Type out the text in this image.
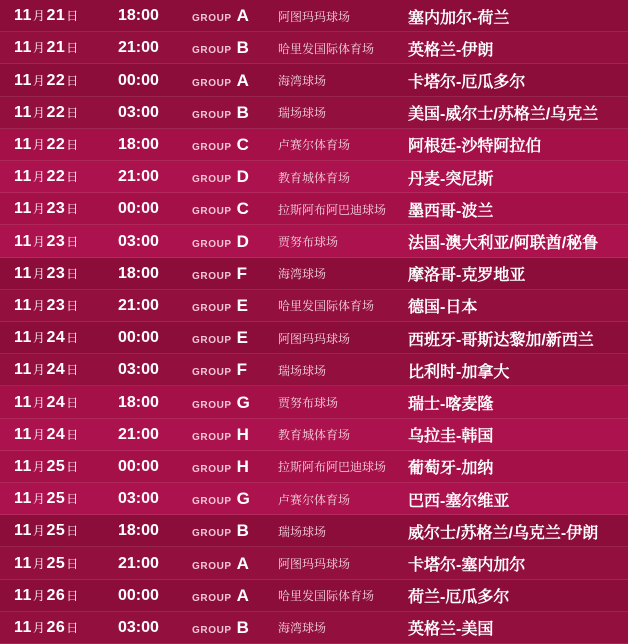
11月21日	18:00	GROUP A 阿图玛玛球场	塞内加尔-荷兰
11月21日	21:00	GROUP B 哈里发国际体育场	英格兰-伊朗
11月22日	00:00	GROUP A 海湾球场	卡塔尔-厄瓜多尔
11月22日	03:00	GROUP B 瑞场球场	美国-威尔士/苏格兰/乌克兰
11月22日	18:00	GROUP C 卢赛尔体育场	阿根廷-沙特阿拉伯
11月22日	21:00	GROUP D 教育城体育场	丹麦-突尼斯
11月23日	00:00	GROUP C 拉斯阿布阿巴迪球场	墨西哥-波兰
11月23日	03:00	GROUP D 贾努布球场	法国-澳大利亚/阿联酋/秘鲁
11月23日	18:00	GROUP F	海湾球场	摩洛哥-克罗地亚
11月23日	21:00	GROUP E 哈里发国际体育场	德国-日本
11月24日	00:00	GROUP E 阿图玛玛球场	西班牙-哥斯达黎加/新西兰
11月24日	03:00	GROUP F	瑞场球场	比利时-加拿大
11月24日	18:00	GROUP G 贾努布球场	瑞士-喀麦隆
11月24日	21:00	GROUP H 教育城体育场	乌拉圭-韩国
11月25日	00:00	GROUP H 拉斯阿布阿巴迪球场	葡萄牙-加纳
11月25日	03:00	GROUP G 卢赛尔体育场	巴西-塞尔维亚
11月25日	18:00	GROUP B 瑞场球场	威尔士/苏格兰/乌克兰-伊朗
11月25日	21:00	GROUP A 阿图玛玛球场	卡塔尔-塞内加尔
11月26日	00:00	GROUP A 哈里发国际体育场	荷兰-厄瓜多尔
11月26日	03:00	GROUP B 海湾球场	英格兰-美国
